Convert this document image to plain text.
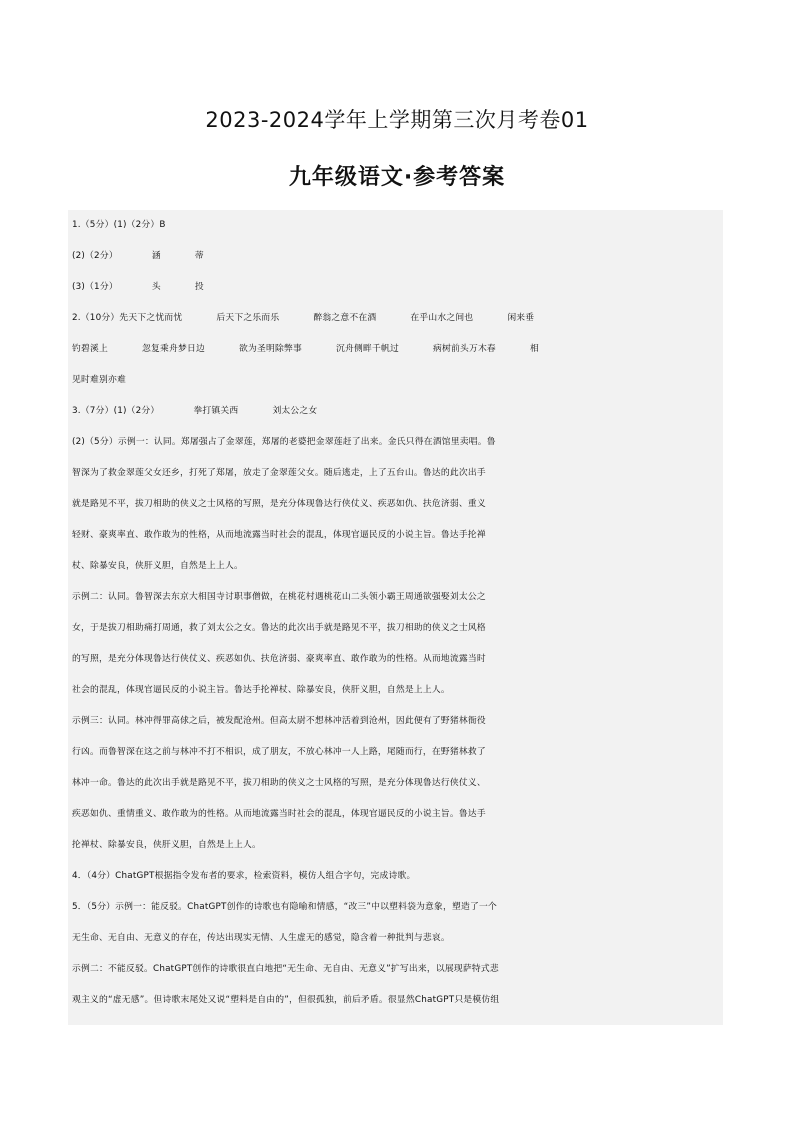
2023-2024学年上学期第三次月考卷01
九年级语文·参考答案
1.（5分）(1)（2分）B
(2)（2分）	涵	蒂
(3)（1分）	头	投
2.（10分）先天下之忧而忧	后天下之乐而乐	醉翁之意不在酒	在乎山水之间也	闲来垂
钓碧溪上	忽复乘舟梦日边	欲为圣明除弊事	沉舟侧畔千帆过	病树前头万木春	相
见时难别亦难
3.（7分）(1)（2分）	拳打镇关西	刘太公之女
(2)（5分）示例一：认同。郑屠强占了金翠莲，郑屠的老婆把金翠莲赶了出来。金氏只得在酒馆里卖唱。鲁
智深为了救金翠莲父女还乡，打死了郑屠，放走了金翠莲父女。随后逃走，上了五台山。鲁达的此次出手
就是路见不平，拔刀相助的侠义之士风格的写照，是充分体现鲁达行侠仗义、疾恶如仇、扶危济弱、重义
轻财、豪爽率直、敢作敢为的性格，从而地流露当时社会的混乱，体现官逼民反的小说主旨。鲁达手抡禅
杖、除暴安良，侠肝义胆，自然是上上人。
示例二：认同。鲁智深去东京大相国寺讨职事僧做，在桃花村遇桃花山二头领小霸王周通欲强娶刘太公之
女，于是拔刀相助痛打周通，救了刘太公之女。鲁达的此次出手就是路见不平，拔刀相助的侠义之士风格
的写照，是充分体现鲁达行侠仗义、疾恶如仇、扶危济弱、豪爽率直、敢作敢为的性格。从而地流露当时
社会的混乱，体现官逼民反的小说主旨。鲁达手抡禅杖、除暴安良，侠肝义胆，自然是上上人。
示例三：认同。林冲得罪高俅之后，被发配沧州。但高太尉不想林冲活着到沧州，因此便有了野猪林衙役
行凶。而鲁智深在这之前与林冲不打不相识，成了朋友，不放心林冲一人上路，尾随而行，在野猪林救了
林冲一命。鲁达的此次出手就是路见不平，拔刀相助的侠义之士风格的写照，是充分体现鲁达行侠仗义、
疾恶如仇、重情重义、敢作敢为的性格。从而地流露当时社会的混乱，体现官逼民反的小说主旨。鲁达手
抡禅杖、除暴安良，侠肝义胆，自然是上上人。
4．（4分）ChatGPT根据指令发布者的要求，检索资料，模仿人组合字句，完成诗歌。
5．（5分）示例一：能反驳。ChatGPT创作的诗歌也有隐喻和情感，“改三”中以塑料袋为意象，塑造了一个
无生命、无自由、无意义的存在，传达出现实无情、人生虚无的感觉，隐含着一种批判与悲哀。
示例二：不能反驳。ChatGPT创作的诗歌很直白地把“无生命、无自由、无意义”扩写出来，以展现萨特式悲
观主义的“虚无感”。但诗歌末尾处又说“塑料是自由的”，但很孤独，前后矛盾。很显然ChatGPT只是模仿组
